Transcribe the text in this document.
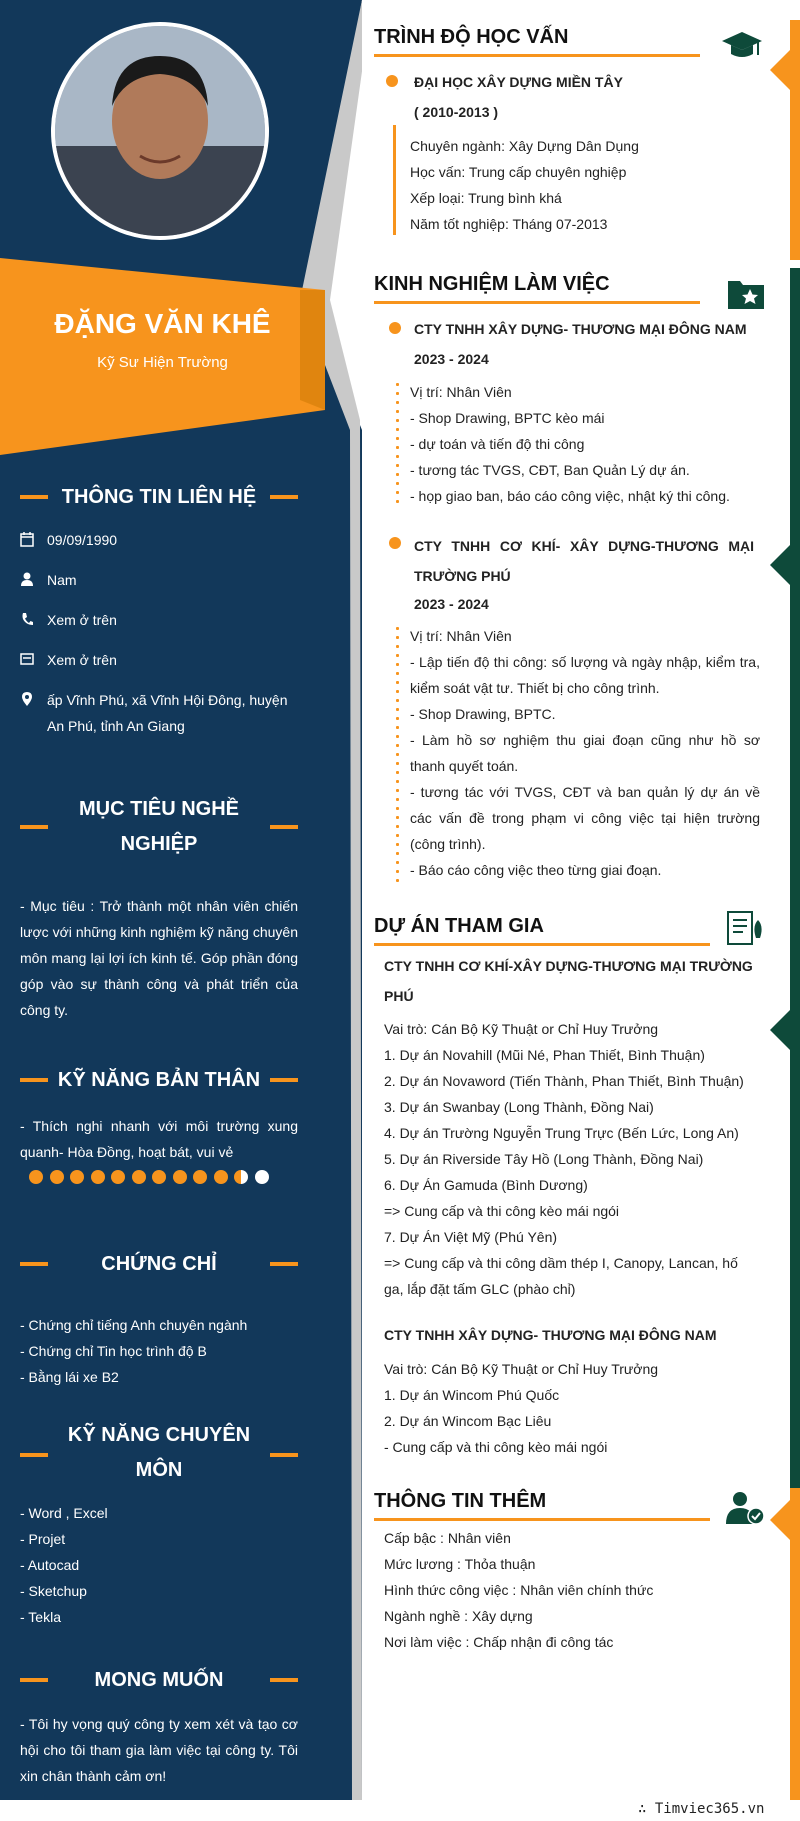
ĐẶNG VĂN KHÊ
Kỹ Sư Hiện Trường
THÔNG TIN LIÊN HỆ
09/09/1990
Nam
Xem ở trên
Xem ở trên
ấp Vĩnh Phú, xã Vĩnh Hội Đông, huyện An Phú, tỉnh An Giang
MỤC TIÊU NGHỀ NGHIỆP
- Mục tiêu : Trở thành một nhân viên chiến lược với những kinh nghiệm kỹ năng chuyên môn mang lại lợi ích kinh tế. Góp phần đóng góp vào sự thành công và phát triển của công ty.
KỸ NĂNG BẢN THÂN
- Thích nghi nhanh với môi trường xung quanh- Hòa Đồng, hoạt bát, vui vẻ
CHỨNG CHỈ
- Chứng chỉ tiếng Anh chuyên ngành
- Chứng chỉ Tin học trình độ B
- Bằng lái xe B2
KỸ NĂNG CHUYÊN MÔN
- Word , Excel
- Projet
- Autocad
- Sketchup
- Tekla
MONG MUỐN
- Tôi hy vọng quý công ty xem xét và tạo cơ hội cho tôi tham gia làm việc tại công ty. Tôi xin chân thành cảm ơn!
TRÌNH ĐỘ HỌC VẤN
ĐẠI HỌC XÂY DỰNG MIỀN TÂY
( 2010-2013 )
Chuyên ngành: Xây Dựng Dân Dụng
Học vấn: Trung cấp chuyên nghiệp
Xếp loại: Trung bình khá
Năm tốt nghiệp: Tháng 07-2013
KINH NGHIỆM LÀM VIỆC
CTY TNHH XÂY DỰNG- THƯƠNG MẠI ĐÔNG NAM
2023 - 2024
Vị trí: Nhân Viên
- Shop Drawing, BPTC kèo mái
- dự toán và tiến độ thi công
- tương tác TVGS, CĐT, Ban Quản Lý dự án.
- họp giao ban, báo cáo công việc, nhật ký thi công.
CTY TNHH CƠ KHÍ- XÂY DỰNG-THƯƠNG MẠI TRƯỜNG PHÚ
2023 - 2024
Vị trí: Nhân Viên
- Lập tiến độ thi công: số lượng và ngày nhập, kiểm tra, kiểm soát vật tư. Thiết bị cho công trình.
- Shop Drawing, BPTC.
- Làm hồ sơ nghiệm thu giai đoạn cũng như hồ sơ thanh quyết toán.
- tương tác với TVGS, CĐT và ban quản lý dự án về các vấn đề trong phạm vi công việc tại hiện trường (công trình).
- Báo cáo công việc theo từng giai đoạn.
DỰ ÁN THAM GIA
CTY TNHH CƠ KHÍ-XÂY DỰNG-THƯƠNG MẠI TRƯỜNG PHÚ
Vai trò: Cán Bộ Kỹ Thuật or Chỉ Huy Trưởng
1. Dự án Novahill (Mũi Né, Phan Thiết, Bình Thuận)
2. Dự án Novaword (Tiến Thành, Phan Thiết, Bình Thuận)
3. Dự án Swanbay (Long Thành, Đồng Nai)
4. Dự án Trường Nguyễn Trung Trực (Bến Lức, Long An)
5. Dự án Riverside Tây Hồ (Long Thành, Đồng Nai)
6. Dự Án Gamuda (Bình Dương)
=> Cung cấp và thi công kèo mái ngói
7. Dự Án Việt Mỹ (Phú Yên)
=> Cung cấp và thi công dầm thép I, Canopy, Lancan, hố ga, lắp đặt tấm GLC (phào chỉ)
CTY TNHH XÂY DỰNG- THƯƠNG MẠI ĐÔNG NAM
Vai trò: Cán Bộ Kỹ Thuật or Chỉ Huy Trưởng
1. Dự án Wincom Phú Quốc
2. Dự án Wincom Bạc Liêu
- Cung cấp và thi công kèo mái ngói
THÔNG TIN THÊM
Cấp bậc : Nhân viên
Mức lương : Thỏa thuận
Hình thức công việc : Nhân viên chính thức
Ngành nghề : Xây dựng
Nơi làm việc : Chấp nhận đi công tác
∴ Timviec365.vn
